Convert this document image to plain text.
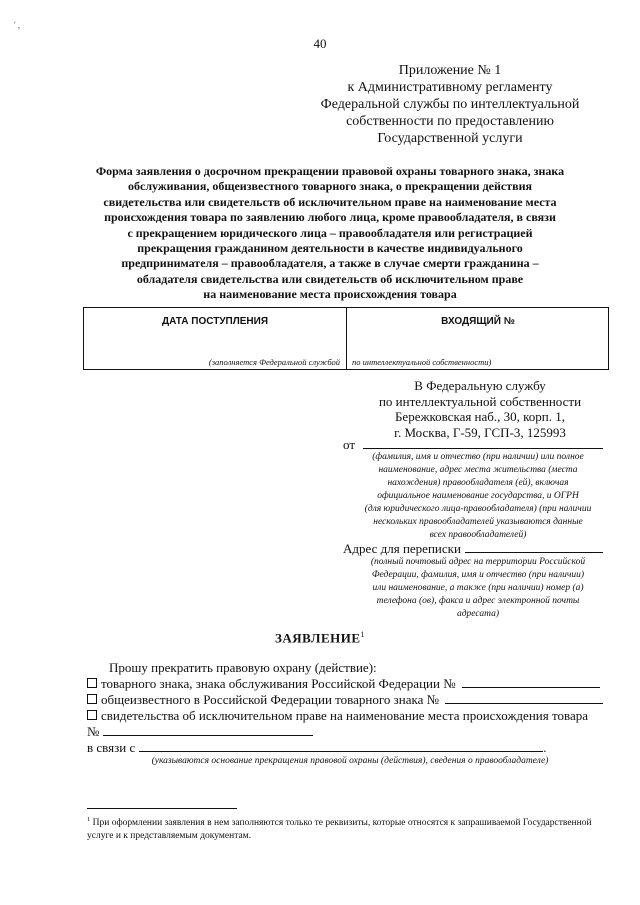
' ,
40
Приложение № 1
к Административному регламенту
Федеральной службы по интеллектуальной
собственности по предоставлению
Государственной услуги
Форма заявления о досрочном прекращении правовой охраны товарного знака, знака
обслуживания, общеизвестного товарного знака, о прекращении действия
свидетельства или свидетельств об исключительном праве на наименование места
происхождения товара по заявлению любого лица, кроме правообладателя, в связи
с прекращением юридического лица – правообладателя или регистрацией
прекращения гражданином деятельности в качестве индивидуального
предпринимателя – правообладателя, а также в случае смерти гражданина –
обладателя свидетельства или свидетельств об исключительном праве
на наименование места происхождения товара
ДАТА ПОСТУПЛЕНИЯ	ВХОДЯЩИЙ №
(заполняется Федеральной службой по интеллектуальной собственности)
В Федеральную службу
по интеллектуальной собственности
Бережковская наб., 30, корп. 1,
г. Москва, Г-59, ГСП-3, 125993
от
(фамилия, имя и отчество (при наличии) или полное
наименование, адрес места жительства (места
нахождения) правообладателя (ей), включая
официальное наименование государства, и ОГРН
(для юридического лица-правообладателя) (при наличии
нескольких правообладателей указываются данные
всех правообладателей)
Адрес для переписки
(полный почтовый адрес на территории Российской
Федерации, фамилия, имя и отчество (при наличии)
или наименование, а также (при наличии) номер (а)
телефона (ов), факса и адрес электронной почты
адресата)
ЗАЯВЛЕНИЕ$^1$
Прошу прекратить правовую охрану (действие):
товарного знака, знака обслуживания Российской Федерации №
общеизвестного в Российской Федерации товарного знака №
свидетельства об исключительном праве на наименование места происхождения товара
№
в связи с	.
(указываются основание прекращения правовой охраны (действия), сведения о правообладателе)
$^1$ При оформлении заявления в нем заполняются только те реквизиты, которые относятся к запрашиваемой Государственной услуге и к представляемым документам.
